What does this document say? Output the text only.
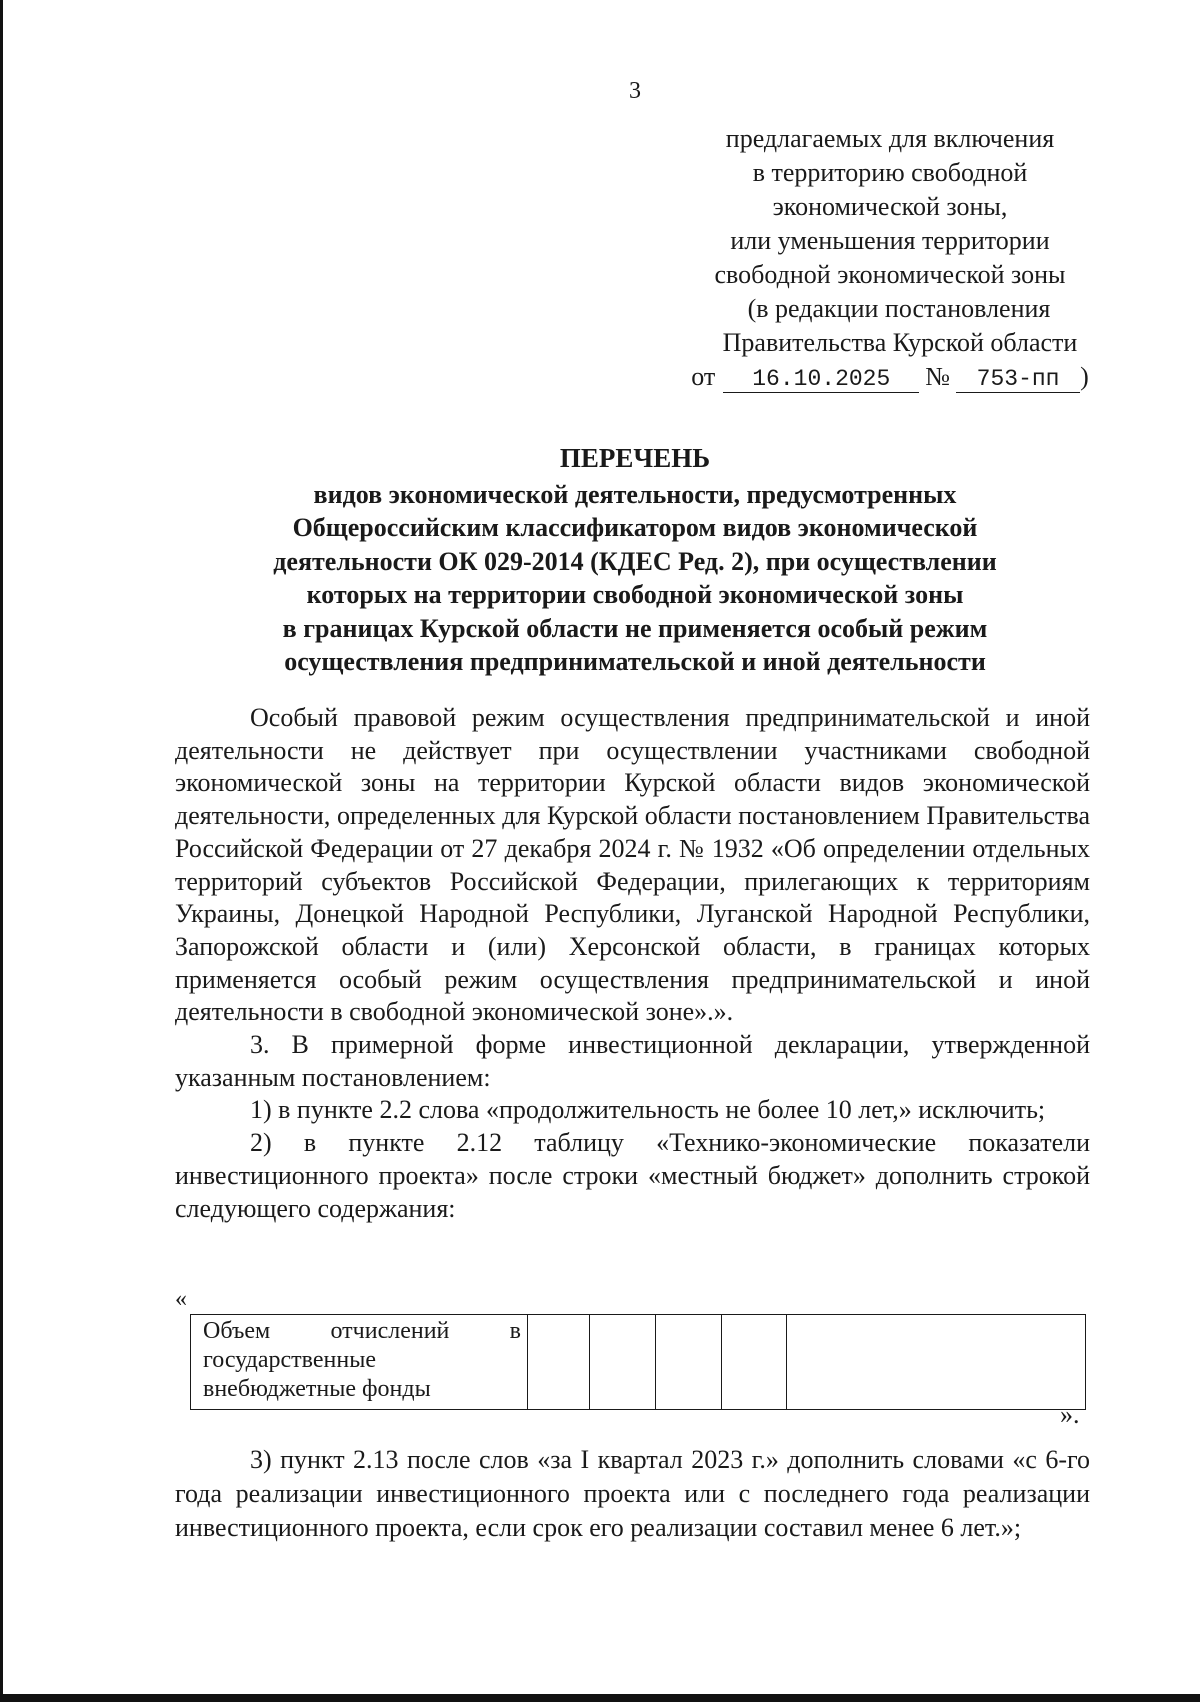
3
предлагаемых для включения
в территорию свободной
экономической зоны,
или уменьшения территории
свободной экономической зоны
(в редакции постановления
Правительства Курской области
от	16.10.2025	№	753-пп )
ПЕРЕЧЕНЬ
видов экономической деятельности, предусмотренных
Общероссийским классификатором видов экономической
деятельности ОК 029-2014 (КДЕС Ред. 2), при осуществлении
которых на территории свободной экономической зоны
в границах Курской области не применяется особый режим
осуществления предпринимательской и иной деятельности

Особый правовой режим осуществления предпринимательской и иной деятельности не действует при осуществлении участниками свободной экономической зоны на территории Курской области видов экономической деятельности, определенных для Курской области постановлением Правительства Российской Федерации от 27 декабря 2024 г. № 1932 «Об определении отдельных территорий субъектов Российской Федерации, прилегающих к территориям Украины, Донецкой Народной Республики, Луганской Народной Республики, Запорожской области и (или) Херсонской области, в границах которых применяется особый режим осуществления предпринимательской и иной деятельности в свободной экономической зоне».».

3. В примерной форме инвестиционной декларации, утвержденной указанным постановлением:

1) в пункте 2.2 слова «продолжительность не более 10 лет,» исключить;

2) в пункте 2.12 таблицу «Технико-экономические показатели инвестиционного проекта» после строки «местный бюджет» дополнить строкой следующего содержания:

«
Объем отчислений в государственные внебюджетные фонды					
».

3) пункт 2.13 после слов «за I квартал 2023 г.» дополнить словами «с 6-го года реализации инвестиционного проекта или с последнего года реализации инвестиционного проекта, если срок его реализации составил менее 6 лет.»;
